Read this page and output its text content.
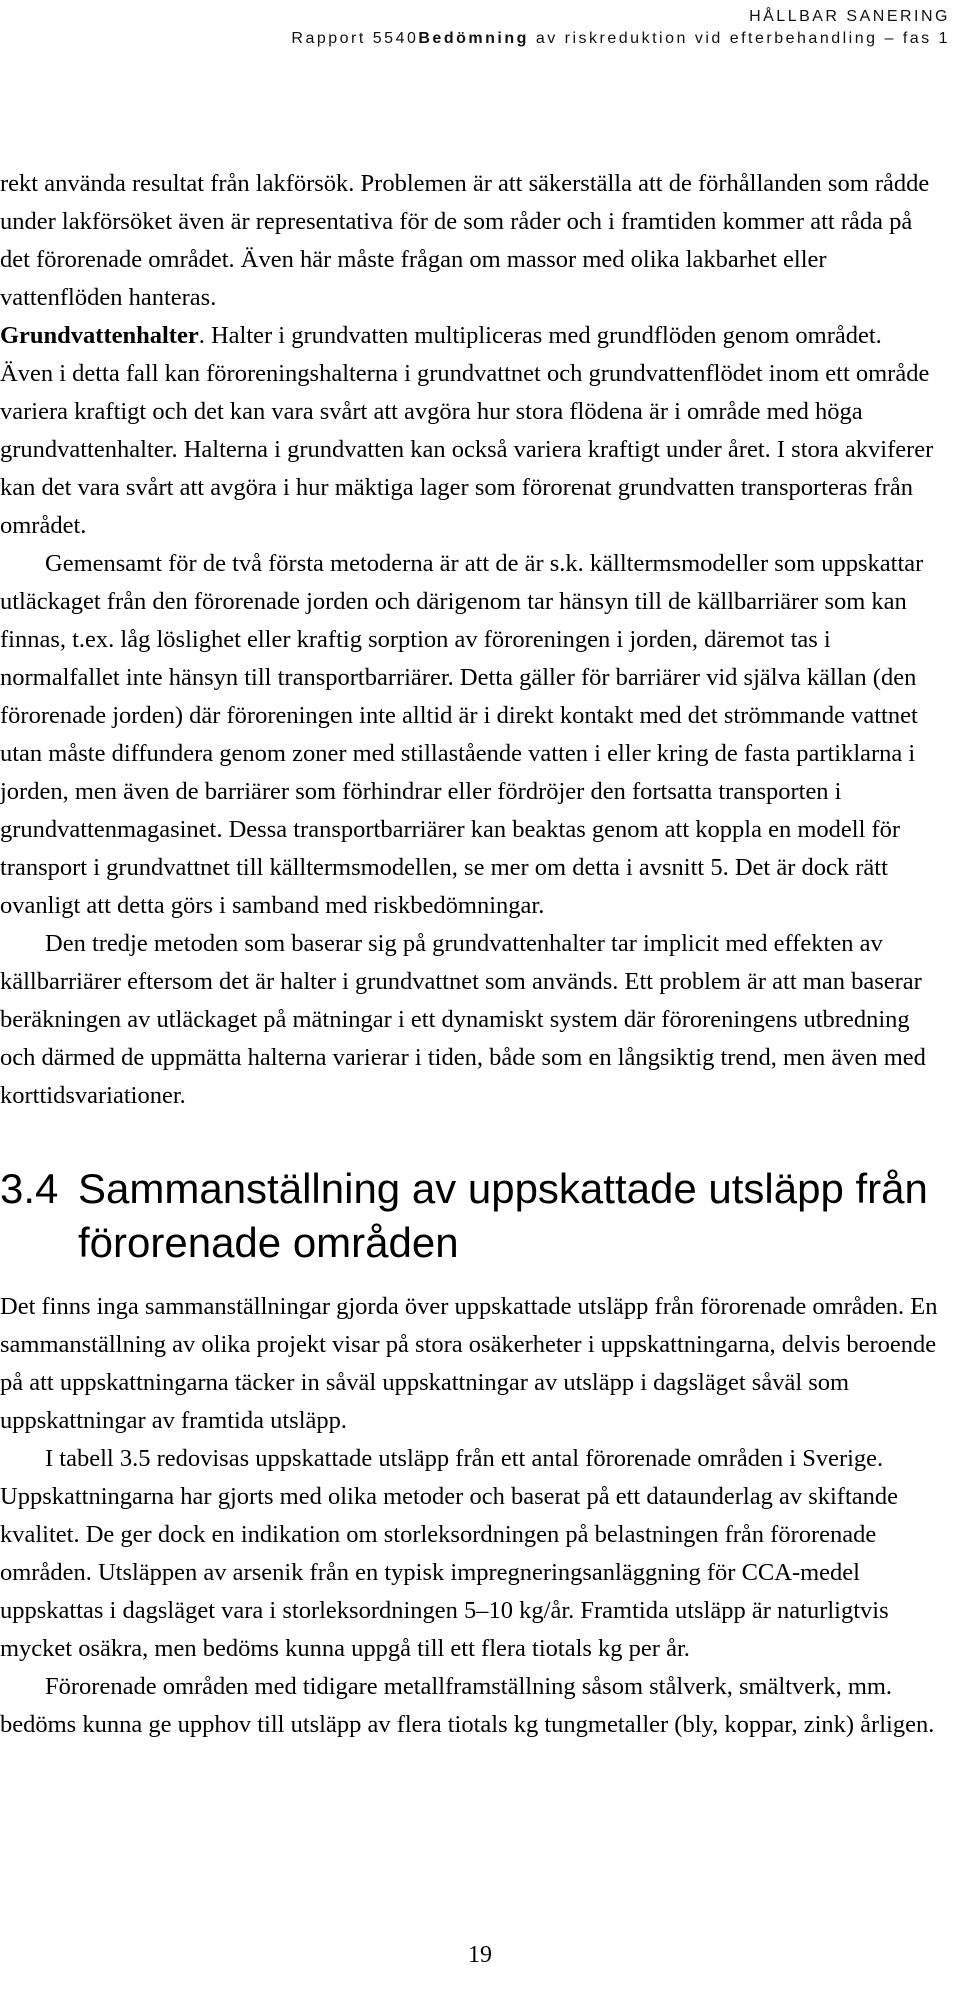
HÅLLBAR SANERING
Rapport 5540Bedömning av riskreduktion vid efterbehandling – fas 1

rekt använda resultat från lakförsök. Problemen är att säkerställa att de förhållanden som rådde under lakförsöket även är representativa för de som råder och i framtiden kommer att råda på det förorenade området. Även här måste frågan om massor med olika lakbarhet eller vattenflöden hanteras.

Grundvattenhalter. Halter i grundvatten multipliceras med grundflöden genom området. Även i detta fall kan föroreningshalterna i grundvattnet och grundvattenflödet inom ett område variera kraftigt och det kan vara svårt att avgöra hur stora flödena är i område med höga grundvattenhalter. Halterna i grundvatten kan också variera kraftigt under året. I stora akviferer kan det vara svårt att avgöra i hur mäktiga lager som förorenat grundvatten transporteras från området.

Gemensamt för de två första metoderna är att de är s.k. källtermsmodeller som uppskattar utläckaget från den förorenade jorden och därigenom tar hänsyn till de källbarriärer som kan finnas, t.ex. låg löslighet eller kraftig sorption av föroreningen i jorden, däremot tas i normalfallet inte hänsyn till transportbarriärer. Detta gäller för barriärer vid själva källan (den förorenade jorden) där föroreningen inte alltid är i direkt kontakt med det strömmande vattnet utan måste diffundera genom zoner med stillastående vatten i eller kring de fasta partiklarna i jorden, men även de barriärer som förhindrar eller fördröjer den fortsatta transporten i grundvattenmagasinet. Dessa transportbarriärer kan beaktas genom att koppla en modell för transport i grundvattnet till källtermsmodellen, se mer om detta i avsnitt 5. Det är dock rätt ovanligt att detta görs i samband med riskbedömningar.

Den tredje metoden som baserar sig på grundvattenhalter tar implicit med effekten av källbarriärer eftersom det är halter i grundvattnet som används. Ett problem är att man baserar beräkningen av utläckaget på mätningar i ett dynamiskt system där föroreningens utbredning och därmed de uppmätta halterna varierar i tiden, både som en långsiktig trend, men även med korttidsvariationer.

3.4 Sammanställning av uppskattade utsläpp från förorenade områden

Det finns inga sammanställningar gjorda över uppskattade utsläpp från förorenade områden. En sammanställning av olika projekt visar på stora osäkerheter i uppskattningarna, delvis beroende på att uppskattningarna täcker in såväl uppskattningar av utsläpp i dagsläget såväl som uppskattningar av framtida utsläpp.

I tabell 3.5 redovisas uppskattade utsläpp från ett antal förorenade områden i Sverige. Uppskattningarna har gjorts med olika metoder och baserat på ett dataunderlag av skiftande kvalitet. De ger dock en indikation om storleksordningen på belastningen från förorenade områden. Utsläppen av arsenik från en typisk impregneringsanläggning för CCA-medel uppskattas i dagsläget vara i storleksordningen 5–10 kg/år. Framtida utsläpp är naturligtvis mycket osäkra, men bedöms kunna uppgå till ett flera tiotals kg per år.

Förorenade områden med tidigare metallframställning såsom stålverk, smältverk, mm. bedöms kunna ge upphov till utsläpp av flera tiotals kg tungmetaller (bly, koppar, zink) årligen.

19
